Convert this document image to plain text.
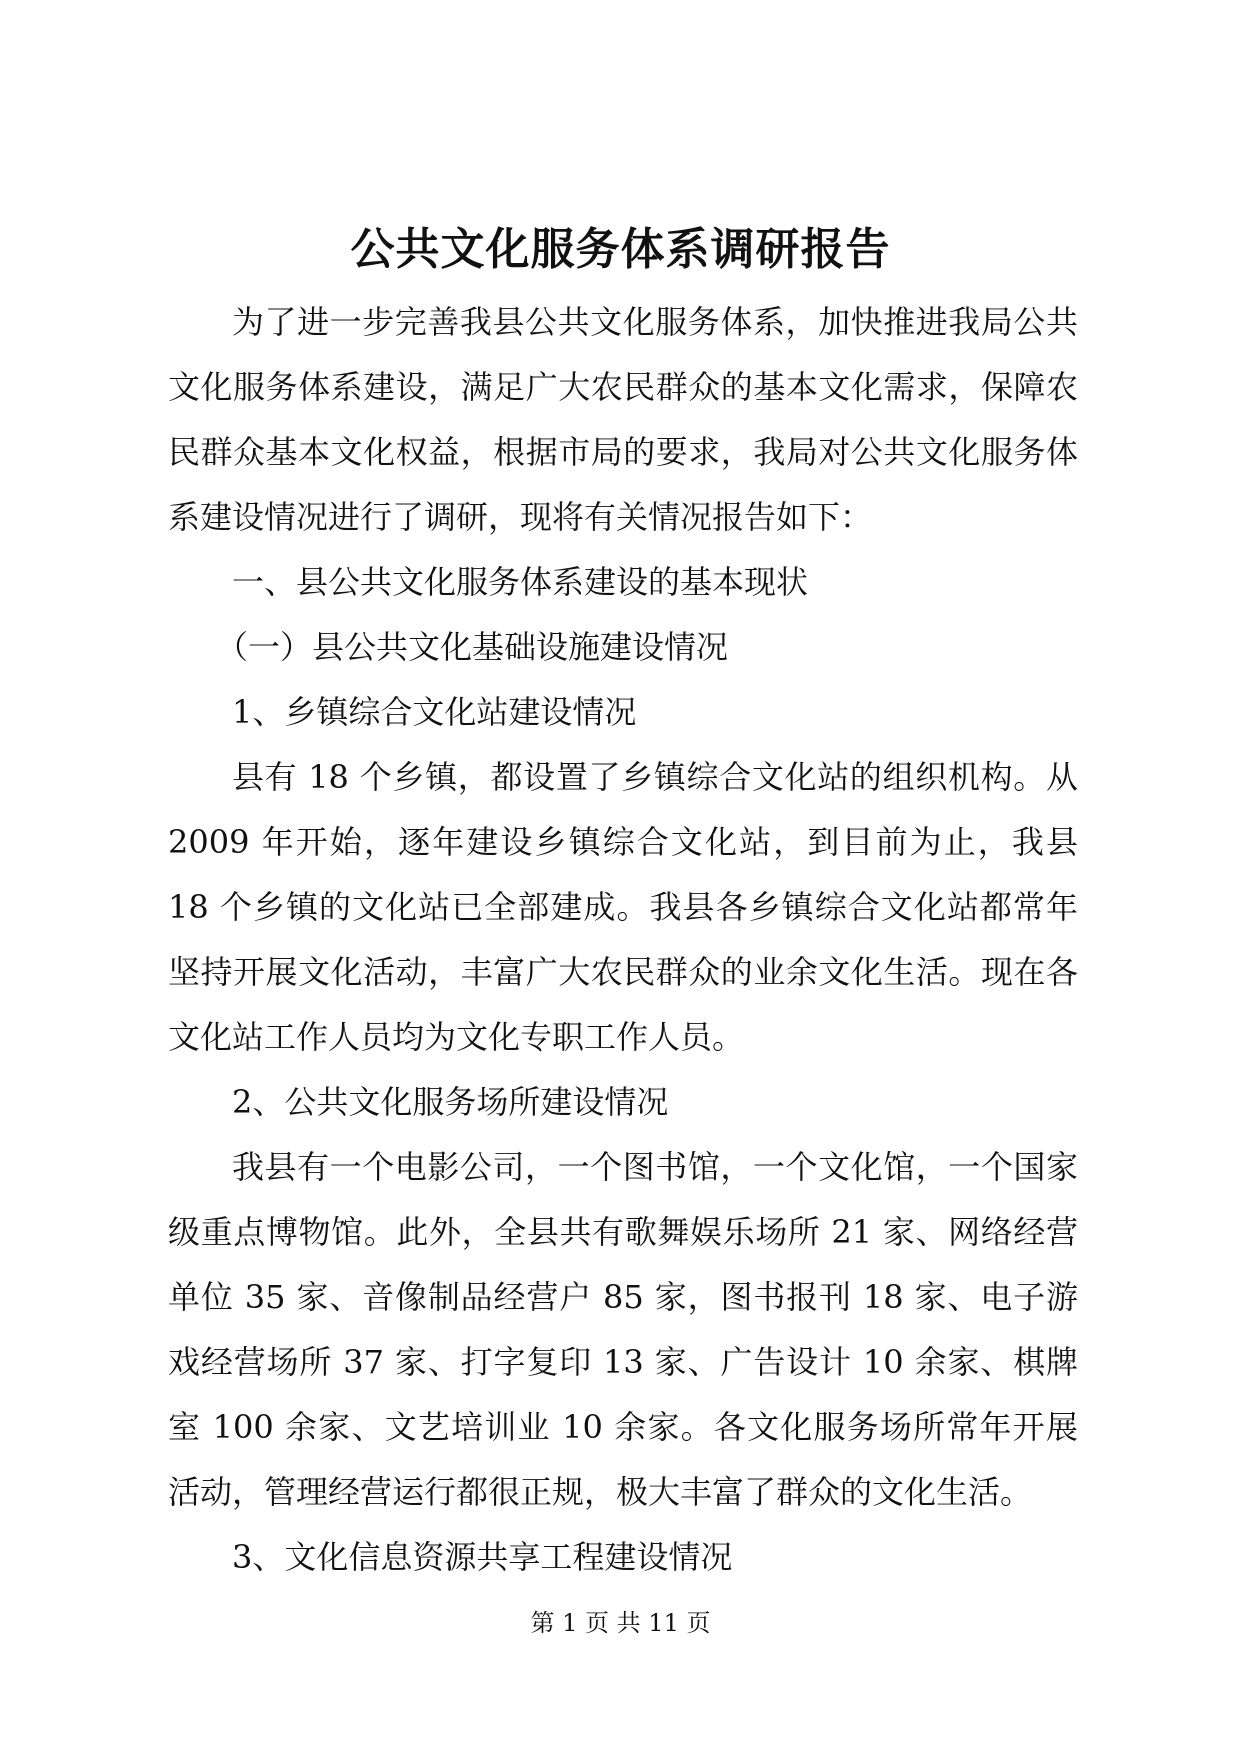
公共文化服务体系调研报告

为了进一步完善我县公共文化服务体系，加快推进我局公共文化服务体系建设，满足广大农民群众的基本文化需求，保障农民群众基本文化权益，根据市局的要求，我局对公共文化服务体系建设情况进行了调研，现将有关情况报告如下：

一、县公共文化服务体系建设的基本现状

（一）县公共文化基础设施建设情况

1、乡镇综合文化站建设情况

县有 18 个乡镇，都设置了乡镇综合文化站的组织机构。从 2009 年开始，逐年建设乡镇综合文化站，到目前为止，我县 18 个乡镇的文化站已全部建成。我县各乡镇综合文化站都常年坚持开展文化活动，丰富广大农民群众的业余文化生活。现在各文化站工作人员均为文化专职工作人员。

2、公共文化服务场所建设情况

我县有一个电影公司，一个图书馆，一个文化馆，一个国家级重点博物馆。此外，全县共有歌舞娱乐场所 21 家、网络经营单位 35 家、音像制品经营户 85 家，图书报刊 18 家、电子游戏经营场所 37 家、打字复印 13 家、广告设计 10 余家、棋牌室 100 余家、文艺培训业 10 余家。各文化服务场所常年开展活动，管理经营运行都很正规，极大丰富了群众的文化生活。

3、文化信息资源共享工程建设情况

第 1 页 共 11 页
